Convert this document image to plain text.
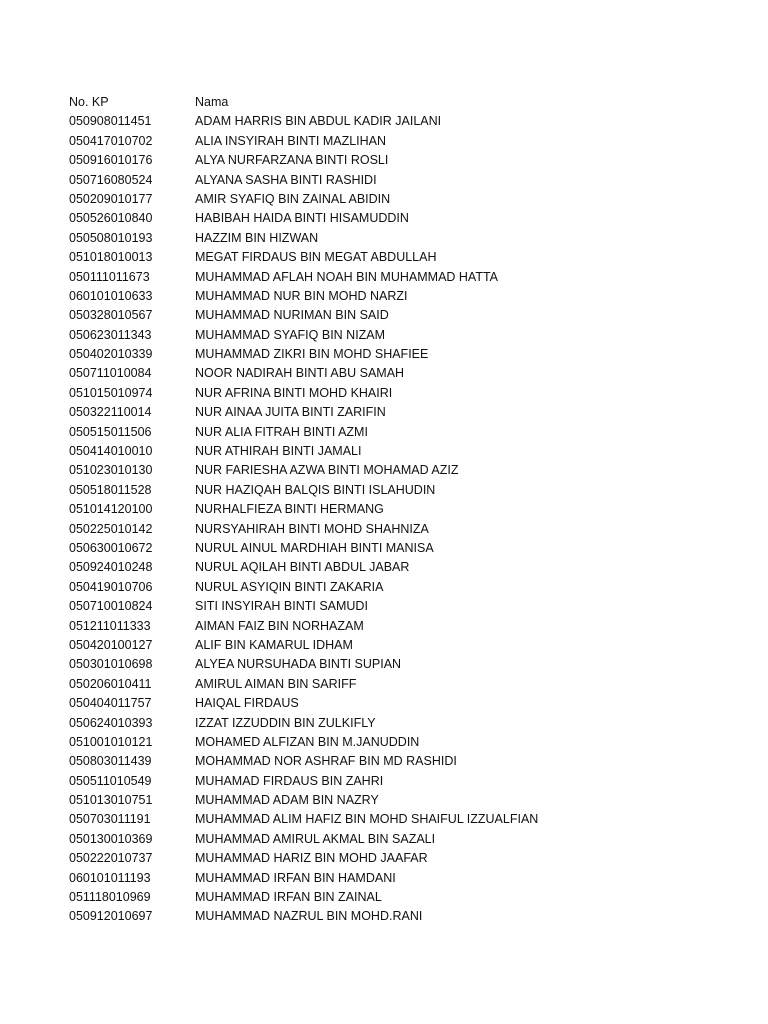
No. KP	Nama
050908011451	ADAM HARRIS BIN ABDUL KADIR JAILANI
050417010702	ALIA INSYIRAH BINTI MAZLIHAN
050916010176	ALYA NURFARZANA BINTI ROSLI
050716080524	ALYANA SASHA BINTI RASHIDI
050209010177	AMIR SYAFIQ BIN ZAINAL ABIDIN
050526010840	HABIBAH HAIDA BINTI HISAMUDDIN
050508010193	HAZZIM BIN HIZWAN
051018010013	MEGAT FIRDAUS BIN MEGAT ABDULLAH
050111011673	MUHAMMAD AFLAH NOAH BIN MUHAMMAD HATTA
060101010633	MUHAMMAD NUR BIN MOHD NARZI
050328010567	MUHAMMAD NURIMAN BIN SAID
050623011343	MUHAMMAD SYAFIQ BIN NIZAM
050402010339	MUHAMMAD ZIKRI BIN MOHD SHAFIEE
050711010084	NOOR NADIRAH BINTI ABU SAMAH
051015010974	NUR AFRINA BINTI MOHD KHAIRI
050322110014	NUR AINAA JUITA BINTI ZARIFIN
050515011506	NUR ALIA FITRAH BINTI AZMI
050414010010	NUR ATHIRAH BINTI JAMALI
051023010130	NUR FARIESHA AZWA BINTI MOHAMAD AZIZ
050518011528	NUR HAZIQAH BALQIS BINTI ISLAHUDIN
051014120100	NURHALFIEZA BINTI HERMANG
050225010142	NURSYAHIRAH BINTI MOHD SHAHNIZA
050630010672	NURUL AINUL MARDHIAH BINTI MANISA
050924010248	NURUL AQILAH BINTI ABDUL JABAR
050419010706	NURUL ASYIQIN BINTI ZAKARIA
050710010824	SITI INSYIRAH BINTI SAMUDI
051211011333	AIMAN FAIZ BIN NORHAZAM
050420100127	ALIF BIN KAMARUL IDHAM
050301010698	ALYEA NURSUHADA BINTI SUPIAN
050206010411	AMIRUL AIMAN BIN SARIFF
050404011757	HAIQAL FIRDAUS
050624010393	IZZAT IZZUDDIN BIN ZULKIFLY
051001010121	MOHAMED ALFIZAN BIN M.JANUDDIN
050803011439	MOHAMMAD NOR ASHRAF BIN MD RASHIDI
050511010549	MUHAMAD FIRDAUS BIN ZAHRI
051013010751	MUHAMMAD ADAM BIN NAZRY
050703011191	MUHAMMAD ALIM HAFIZ BIN MOHD SHAIFUL IZZUALFIAN
050130010369	MUHAMMAD AMIRUL AKMAL BIN SAZALI
050222010737	MUHAMMAD HARIZ BIN MOHD JAAFAR
060101011193	MUHAMMAD IRFAN BIN HAMDANI
051118010969	MUHAMMAD IRFAN BIN ZAINAL
050912010697	MUHAMMAD NAZRUL BIN MOHD.RANI
